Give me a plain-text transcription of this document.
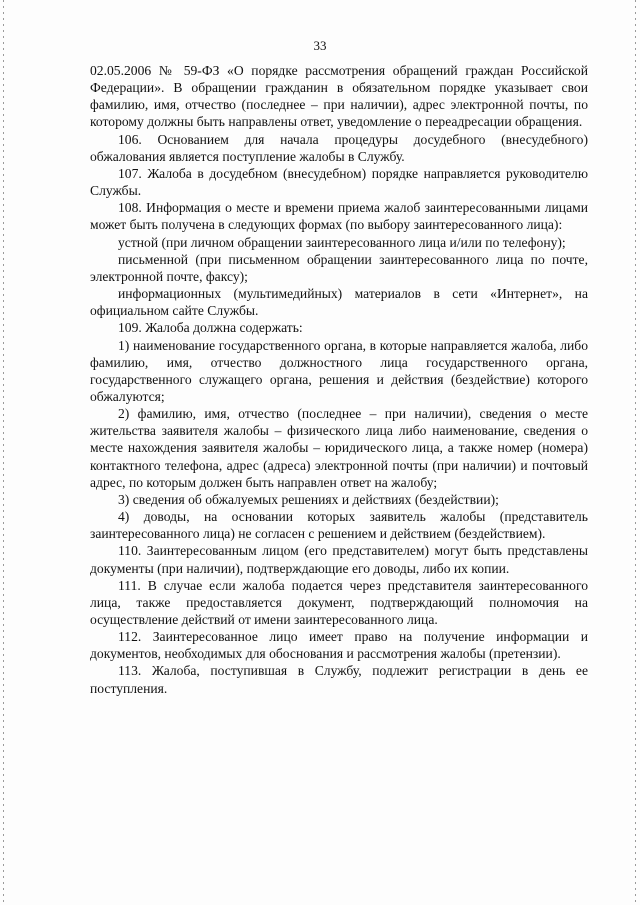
33

02.05.2006 № 59-ФЗ «О порядке рассмотрения обращений граждан Российской Федерации». В обращении гражданин в обязательном порядке указывает свои фамилию, имя, отчество (последнее – при наличии), адрес электронной почты, по которому должны быть направлены ответ, уведомление о переадресации обращения.

106. Основанием для начала процедуры досудебного (внесудебного) обжалования является поступление жалобы в Службу.

107. Жалоба в досудебном (внесудебном) порядке направляется руководителю Службы.

108. Информация о месте и времени приема жалоб заинтересованными лицами может быть получена в следующих формах (по выбору заинтересованного лица):

устной (при личном обращении заинтересованного лица и/или по телефону);

письменной (при письменном обращении заинтересованного лица по почте, электронной почте, факсу);

информационных (мультимедийных) материалов в сети «Интернет», на официальном сайте Службы.

109. Жалоба должна содержать:

1) наименование государственного органа, в которые направляется жалоба, либо фамилию, имя, отчество должностного лица государственного органа, государственного служащего органа, решения и действия (бездействие) которого обжалуются;

2) фамилию, имя, отчество (последнее – при наличии), сведения о месте жительства заявителя жалобы – физического лица либо наименование, сведения о месте нахождения заявителя жалобы – юридического лица, а также номер (номера) контактного телефона, адрес (адреса) электронной почты (при наличии) и почтовый адрес, по которым должен быть направлен ответ на жалобу;

3) сведения об обжалуемых решениях и действиях (бездействии);

4) доводы, на основании которых заявитель жалобы (представитель заинтересованного лица) не согласен с решением и действием (бездействием).

110. Заинтересованным лицом (его представителем) могут быть представлены документы (при наличии), подтверждающие его доводы, либо их копии.

111. В случае если жалоба подается через представителя заинтересованного лица, также предоставляется документ, подтверждающий полномочия на осуществление действий от имени заинтересованного лица.

112. Заинтересованное лицо имеет право на получение информации и документов, необходимых для обоснования и рассмотрения жалобы (претензии).

113. Жалоба, поступившая в Службу, подлежит регистрации в день ее поступления.
